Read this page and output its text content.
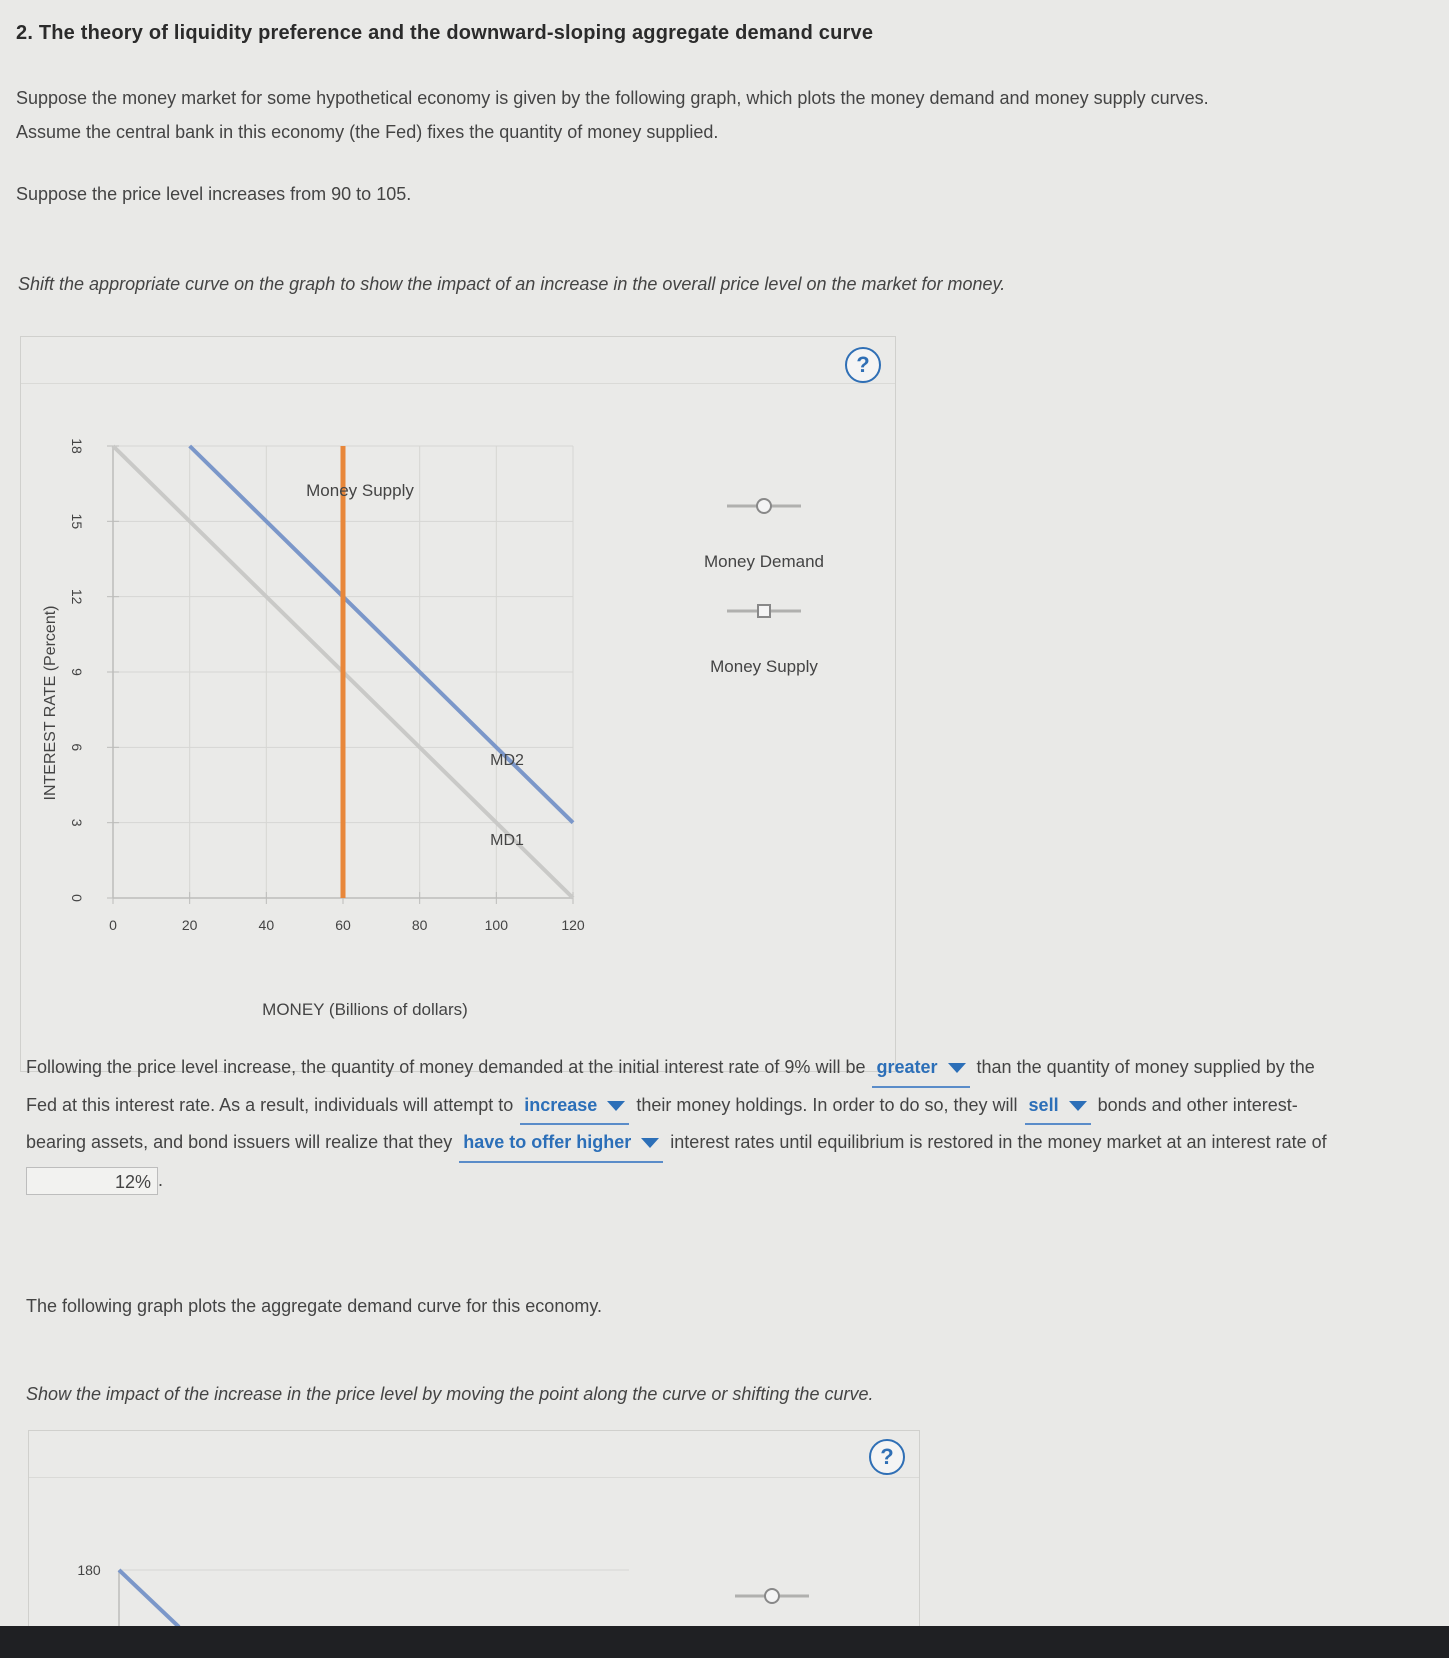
2. The theory of liquidity preference and the downward-sloping aggregate demand curve
Suppose the money market for some hypothetical economy is given by the following graph, which plots the money demand and money supply curves.
Assume the central bank in this economy (the Fed) fixes the quantity of money supplied.
Suppose the price level increases from 90 to 105.
Shift the appropriate curve on the graph to show the impact of an increase in the overall price level on the market for money.
?
0	20	40	60	80	100	120
0
3
6
9
12
15
18
INTEREST RATE (Percent)
MONEY (Billions of dollars)
Money Supply
MD2
MD1
Money Demand
Money Supply
Following the price level increase, the quantity of money demanded at the initial interest rate of 9% will be greater than the quantity of money supplied by the Fed at this interest rate. As a result, individuals will attempt to increase their money holdings. In order to do so, they will sell bonds and other interest-bearing assets, and bond issuers will realize that they have to offer higher interest rates until equilibrium is restored in the money market at an interest rate of 12% .
The following graph plots the aggregate demand curve for this economy.
Show the impact of the increase in the price level by moving the point along the curve or shifting the curve.
?
180
